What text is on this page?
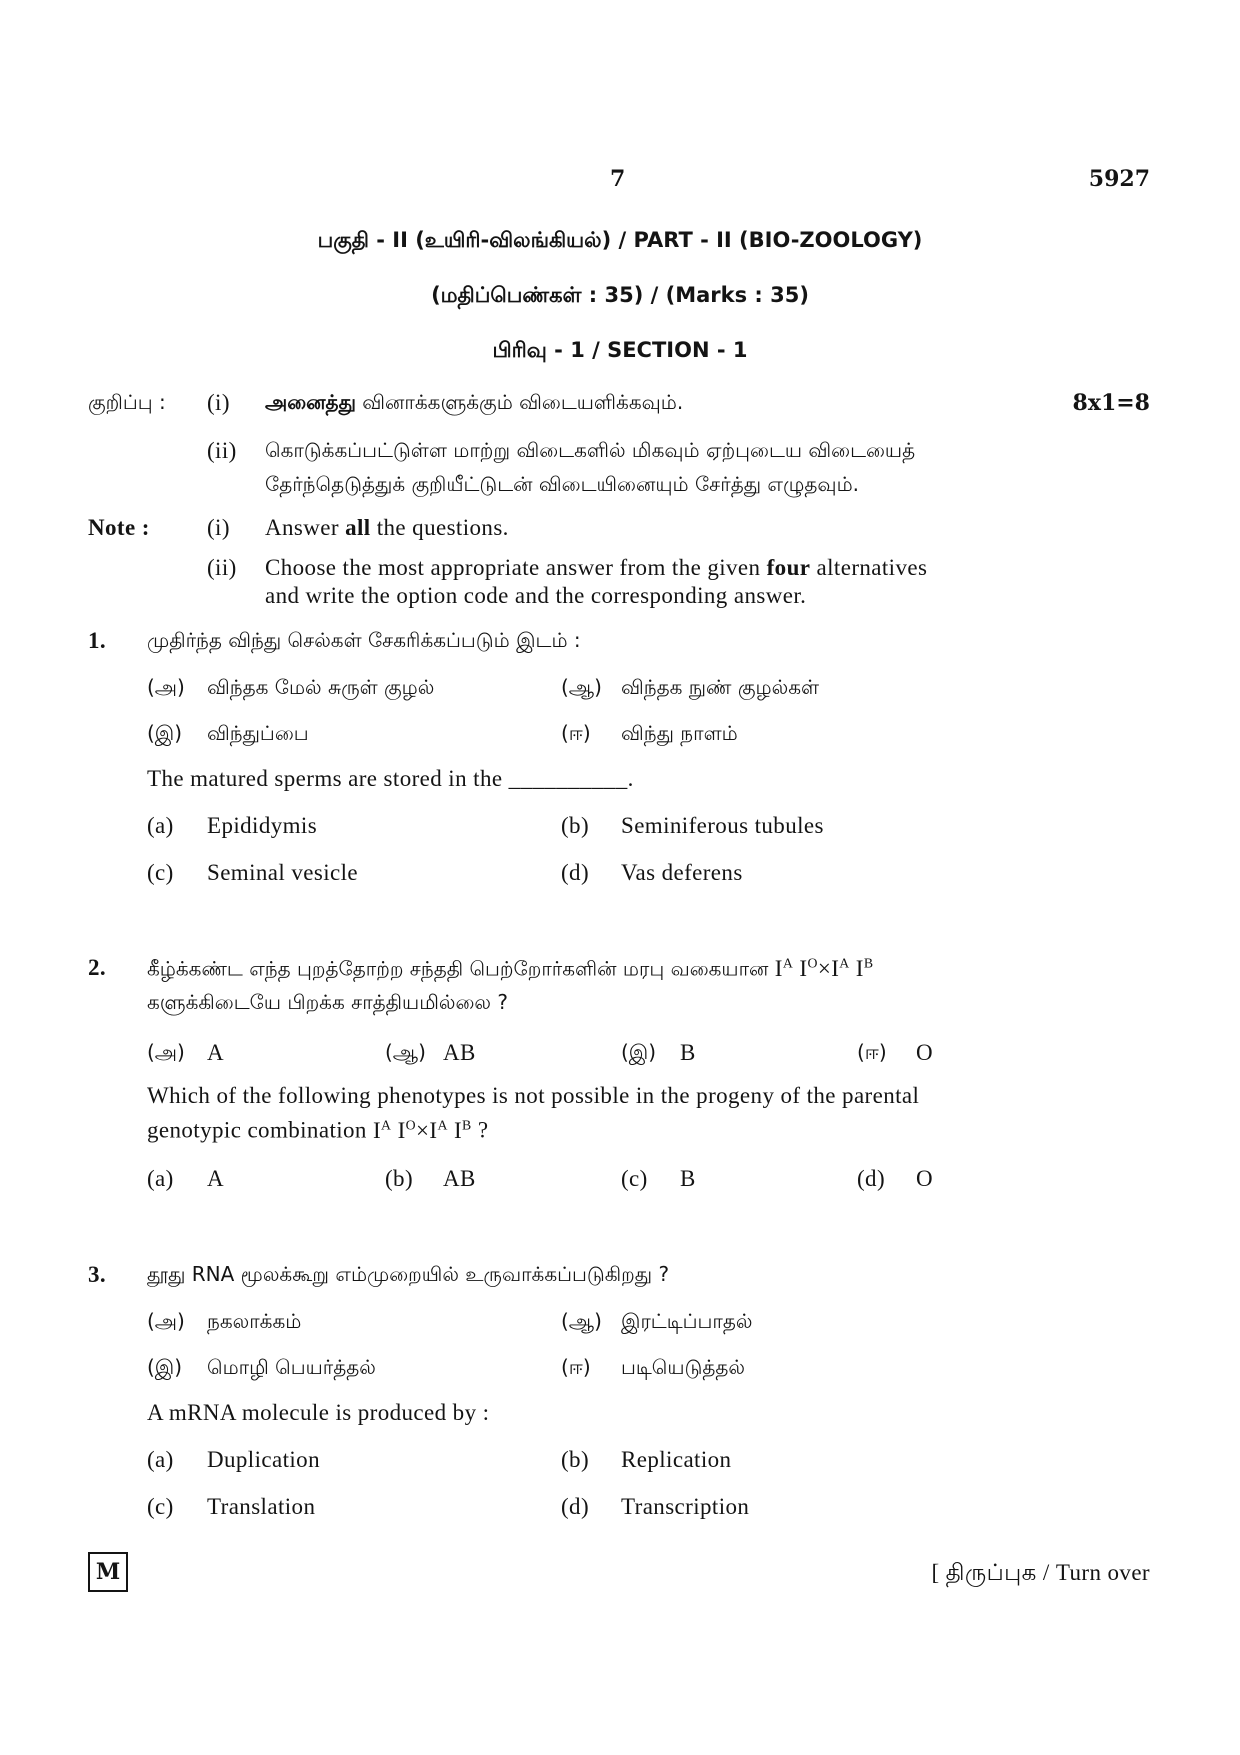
7	5927
பகுதி - II (உயிரி-விலங்கியல்) / PART - II (BIO-ZOOLOGY)
(மதிப்பெண்கள் : 35) / (Marks : 35)
பிரிவு - 1 / SECTION - 1
குறிப்பு : (i) அனைத்து வினாக்களுக்கும் விடையளிக்கவும்.	8x1=8
(ii) கொடுக்கப்பட்டுள்ள மாற்று விடைகளில் மிகவும் ஏற்புடைய விடையைத்
தேர்ந்தெடுத்துக் குறியீட்டுடன் விடையினையும் சேர்த்து எழுதவும்.
Note : (i) Answer all the questions.
(ii) Choose the most appropriate answer from the given four alternatives
and write the option code and the corresponding answer.
1. முதிர்ந்த விந்து செல்கள் சேகரிக்கப்படும் இடம் :
(அ) விந்தக மேல் சுருள் குழல்	(ஆ) விந்தக நுண் குழல்கள்
(இ) விந்துப்பை	(ஈ) விந்து நாளம்
The matured sperms are stored in the __________.
(a) Epididymis	(b) Seminiferous tubules
(c) Seminal vesicle	(d) Vas deferens
2. கீழ்க்கண்ட எந்த புறத்தோற்ற சந்ததி பெற்றோர்களின் மரபு வகையான $I^A$ $I^O\times I^A$ $I^B$
களுக்கிடையே பிறக்க சாத்தியமில்லை ?
(அ) A	(ஆ) AB	(இ) B	(ஈ) O
Which of the following phenotypes is not possible in the progeny of the parental
genotypic combination $I^A$ $I^O\times I^A$ $I^B$ ?
(a) A	(b) AB	(c) B	(d) O
3. தூது RNA மூலக்கூறு எம்முறையில் உருவாக்கப்படுகிறது ?
(அ) நகலாக்கம்	(ஆ) இரட்டிப்பாதல்
(இ) மொழி பெயர்த்தல்	(ஈ) படியெடுத்தல்
A mRNA molecule is produced by :
(a) Duplication	(b) Replication
(c) Translation	(d) Transcription
M	[ திருப்புக / Turn over
